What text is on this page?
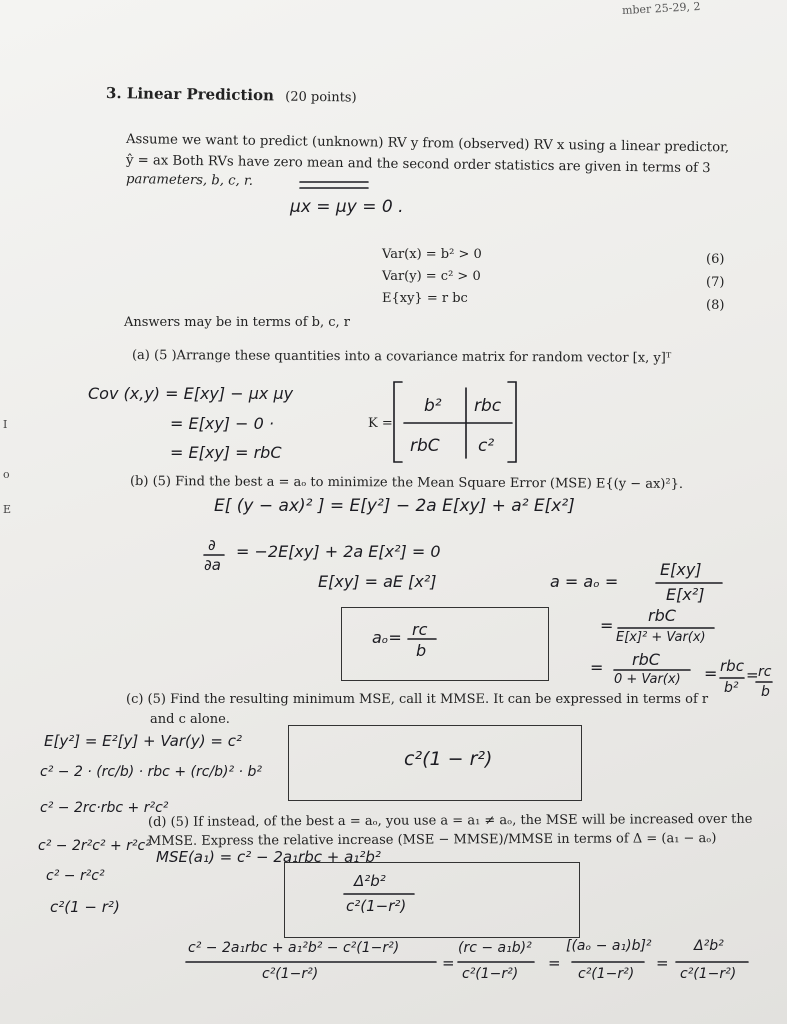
mber 25-29, 2
I
o
E
3. Linear Prediction (20 points)
Assume we want to predict (unknown) RV y from (observed) RV x using a linear predictor,
ŷ = ax Both RVs have zero mean and the second order statistics are given in terms of 3
parameters, b, c, r.
Var(x) = b² > 0
Var(y) = c² > 0
E{xy} = r bc
(6)
(7)
(8)
Answers may be in terms of b, c, r
(a) (5 )Arrange these quantities into a covariance matrix for random vector [x, y]ᵀ
(b) (5) Find the best a = aₒ to minimize the Mean Square Error (MSE) E{(y − ax)²}.
(c) (5) Find the resulting minimum MSE, call it MMSE. It can be expressed in terms of r
and c alone.
(d) (5) If instead, of the best a = aₒ, you use a = a₁ ≠ aₒ, the MSE will be increased over the
MMSE. Express the relative increase (MSE − MMSE)/MMSE in terms of Δ = (a₁ − aₒ)
μx = μy = 0 .
Cov (x,y) = E[xy] − μx μy
= E[xy] − 0 ·
= E[xy] = rbC
K =
b² rbc
rbC c²
E[ (y − ax)² ] = E[y²] − 2a E[xy] + a² E[x²]
∂
∂a
= −2E[xy] + 2a E[x²] = 0
E[xy] = aE [x²]	a = aₒ =
E[xy]
E[x²]
=
rbC
E[x]² + Var(x)
= rbC
0 + Var(x) = rbc
b²
= rc
b
aₒ= rc
b
E[y²] = E²[y] + Var(y) = c²
c² − 2 · (rc/b) · rbc + (rc/b)² · b²
c² − 2rc·rbc + r²c²
c² − 2r²c² + r²c²
c² − r²c²
c²(1 − r²)
c²(1 − r²)
MSE(a₁) = c² − 2a₁rbc + a₁²b²
Δ²b²
c²(1−r²)
c² − 2a₁rbc + a₁²b² − c²(1−r²)
c²(1−r²)
=
(rc − a₁b)²
c²(1−r²)
=
[(aₒ − a₁)b]²
c²(1−r²)
=
Δ²b²
c²(1−r²)
